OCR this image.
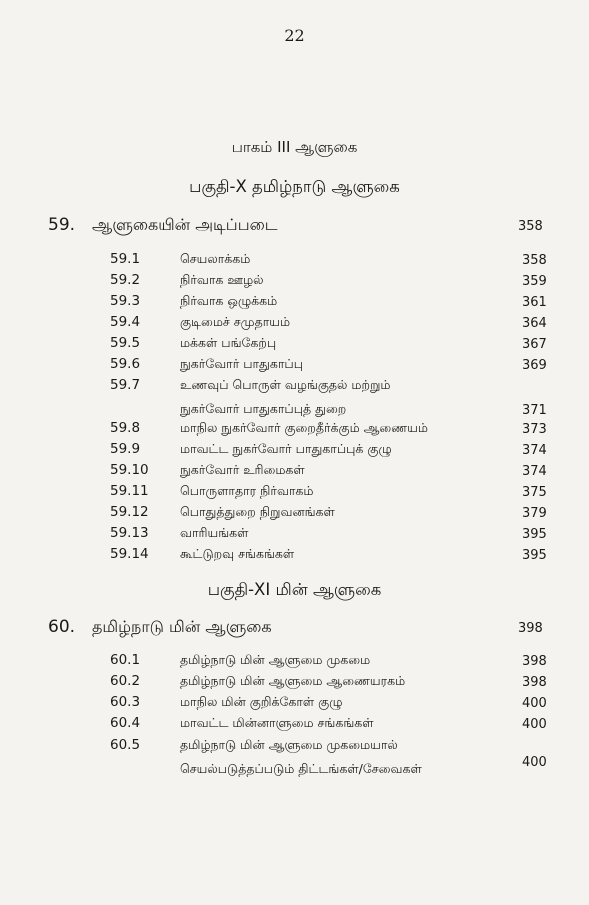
22
பாகம் III ஆளுகை
பகுதி-X தமிழ்நாடு ஆளுகை
59. ஆளுகையின் அடிப்படை	358
59.1	செயலாக்கம்	358
59.2	நிர்வாக ஊழல்	359
59.3	நிர்வாக ஒழுக்கம்	361
59.4	குடிமைச் சமுதாயம்	364
59.5	மக்கள் பங்கேற்பு	367
59.6	நுகர்வோர் பாதுகாப்பு	369
59.7	உணவுப் பொருள் வழங்குதல் மற்றும்
நுகர்வோர் பாதுகாப்புத் துறை	371
59.8	மாநில நுகர்வோர் குறைதீர்க்கும் ஆணையம்	373
59.9	மாவட்ட நுகர்வோர் பாதுகாப்புக் குழு	374
59.10	நுகர்வோர் உரிமைகள்	374
59.11	பொருளாதார நிர்வாகம்	375
59.12	பொதுத்துறை நிறுவனங்கள்	379
59.13	வாரியங்கள்	395
59.14	கூட்டுறவு சங்கங்கள்	395
பகுதி-XI மின் ஆளுகை
60. தமிழ்நாடு மின் ஆளுகை	398
60.1	தமிழ்நாடு மின் ஆளுமை முகமை	398
60.2	தமிழ்நாடு மின் ஆளுமை ஆணையரகம்	398
60.3	மாநில மின் குறிக்கோள் குழு	400
60.4	மாவட்ட மின்னாளுமை சங்கங்கள்	400
60.5	தமிழ்நாடு மின் ஆளுமை முகமையால்
செயல்படுத்தப்படும் திட்டங்கள்/சேவைகள்	400
